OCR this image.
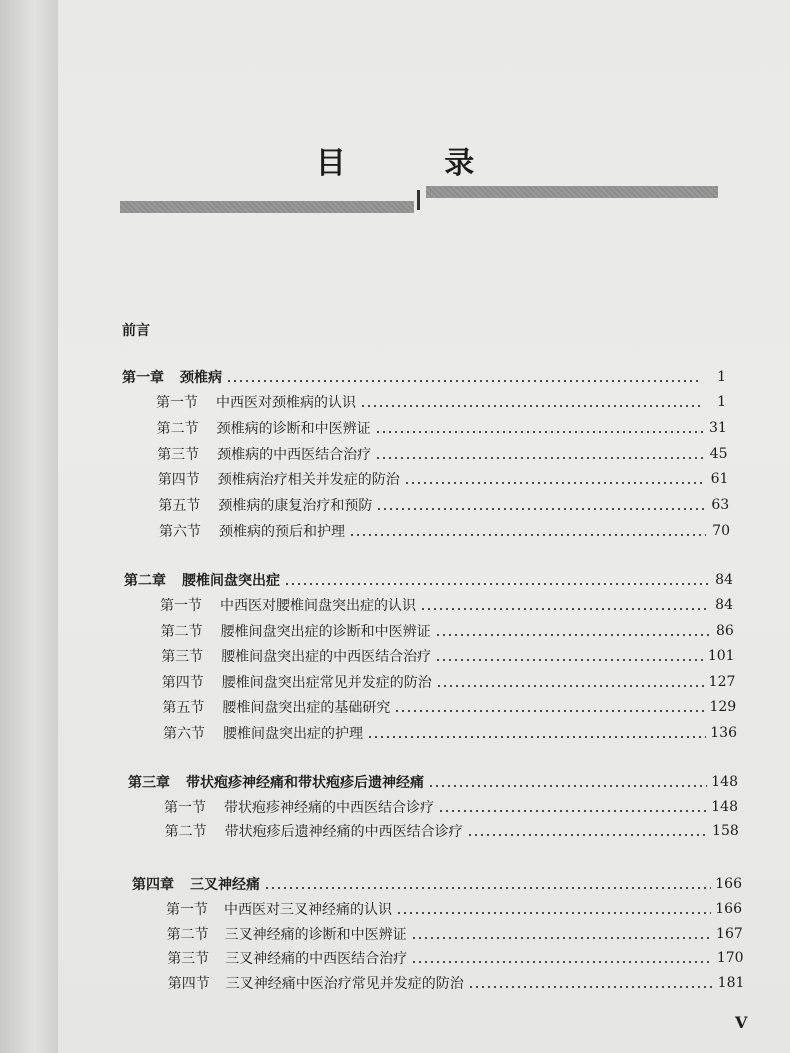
目 录
前言
第一章 颈椎病	1
第一节 中西医对颈椎病的认识	1
第二节 颈椎病的诊断和中医辨证	31
第三节 颈椎病的中西医结合治疗	45
第四节 颈椎病治疗相关并发症的防治	61
第五节 颈椎病的康复治疗和预防	63
第六节 颈椎病的预后和护理	70
第二章 腰椎间盘突出症	84
第一节 中西医对腰椎间盘突出症的认识	84
第二节 腰椎间盘突出症的诊断和中医辨证	86
第三节 腰椎间盘突出症的中西医结合治疗	101
第四节 腰椎间盘突出症常见并发症的防治	127
第五节 腰椎间盘突出症的基础研究	129
第六节 腰椎间盘突出症的护理	136
第三章 带状疱疹神经痛和带状疱疹后遗神经痛	148
第一节 带状疱疹神经痛的中西医结合诊疗	148
第二节 带状疱疹后遗神经痛的中西医结合诊疗	158
第四章 三叉神经痛	166
第一节 中西医对三叉神经痛的认识	166
第二节 三叉神经痛的诊断和中医辨证	167
第三节 三叉神经痛的中西医结合治疗	170
第四节 三叉神经痛中医治疗常见并发症的防治	181
V
